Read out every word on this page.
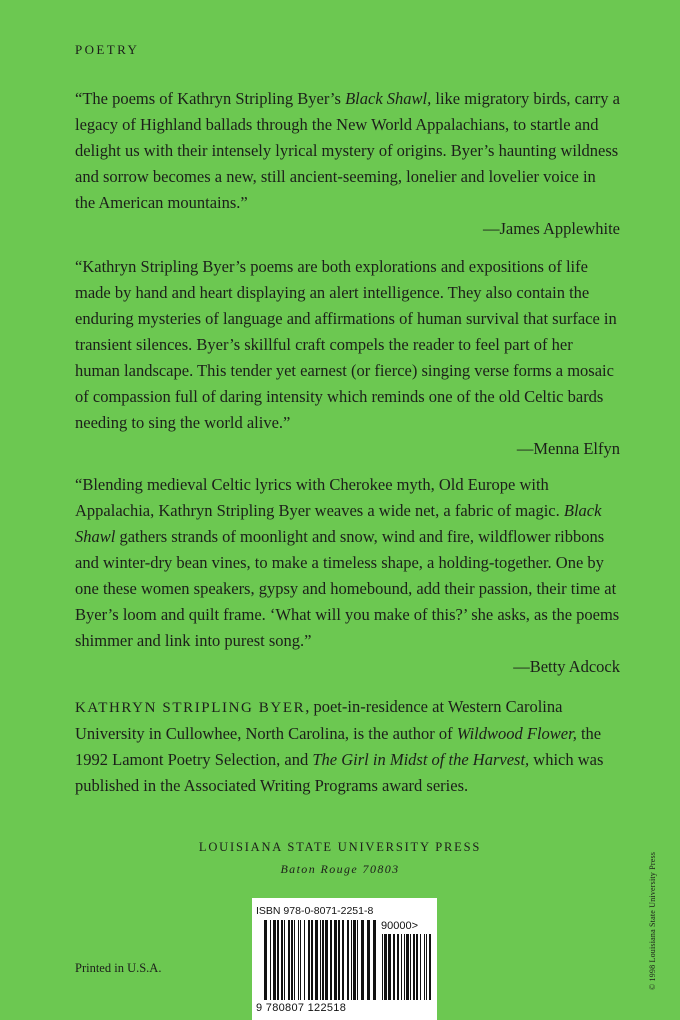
POETRY

“The poems of Kathryn Stripling Byer’s Black Shawl, like migratory birds, carry a legacy of Highland ballads through the New World Appalachians, to startle and delight us with their intensely lyrical mystery of origins. Byer’s haunting wildness and sorrow becomes a new, still ancient-seeming, lonelier and lovelier voice in the American mountains.”

—James Applewhite

“Kathryn Stripling Byer’s poems are both explorations and expositions of life made by hand and heart displaying an alert intelligence. They also contain the enduring mysteries of language and affirmations of human survival that surface in transient silences. Byer’s skillful craft compels the reader to feel part of her human landscape. This tender yet earnest (or fierce) singing verse forms a mosaic of compassion full of daring intensity which reminds one of the old Celtic bards needing to sing the world alive.”

—Menna Elfyn

“Blending medieval Celtic lyrics with Cherokee myth, Old Europe with Appalachia, Kathryn Stripling Byer weaves a wide net, a fabric of magic. Black Shawl gathers strands of moonlight and snow, wind and fire, wildflower ribbons and winter-dry bean vines, to make a timeless shape, a holding-together. One by one these women speakers, gypsy and homebound, add their passion, their time at Byer’s loom and quilt frame. ‘What will you make of this?’ she asks, as the poems shimmer and link into purest song.”

—Betty Adcock

KATHRYN STRIPLING BYER, poet-in-residence at Western Carolina University in Cullowhee, North Carolina, is the author of Wildwood Flower, the 1992 Lamont Poetry Selection, and The Girl in Midst of the Harvest, which was published in the Associated Writing Programs award series.

LOUISIANA STATE UNIVERSITY PRESS
Baton Rouge 70803
Printed in U.S.A.	© 1998 Louisiana State University Press
ISBN 978-0-8071-2251-8
90000>
9 780807 122518
